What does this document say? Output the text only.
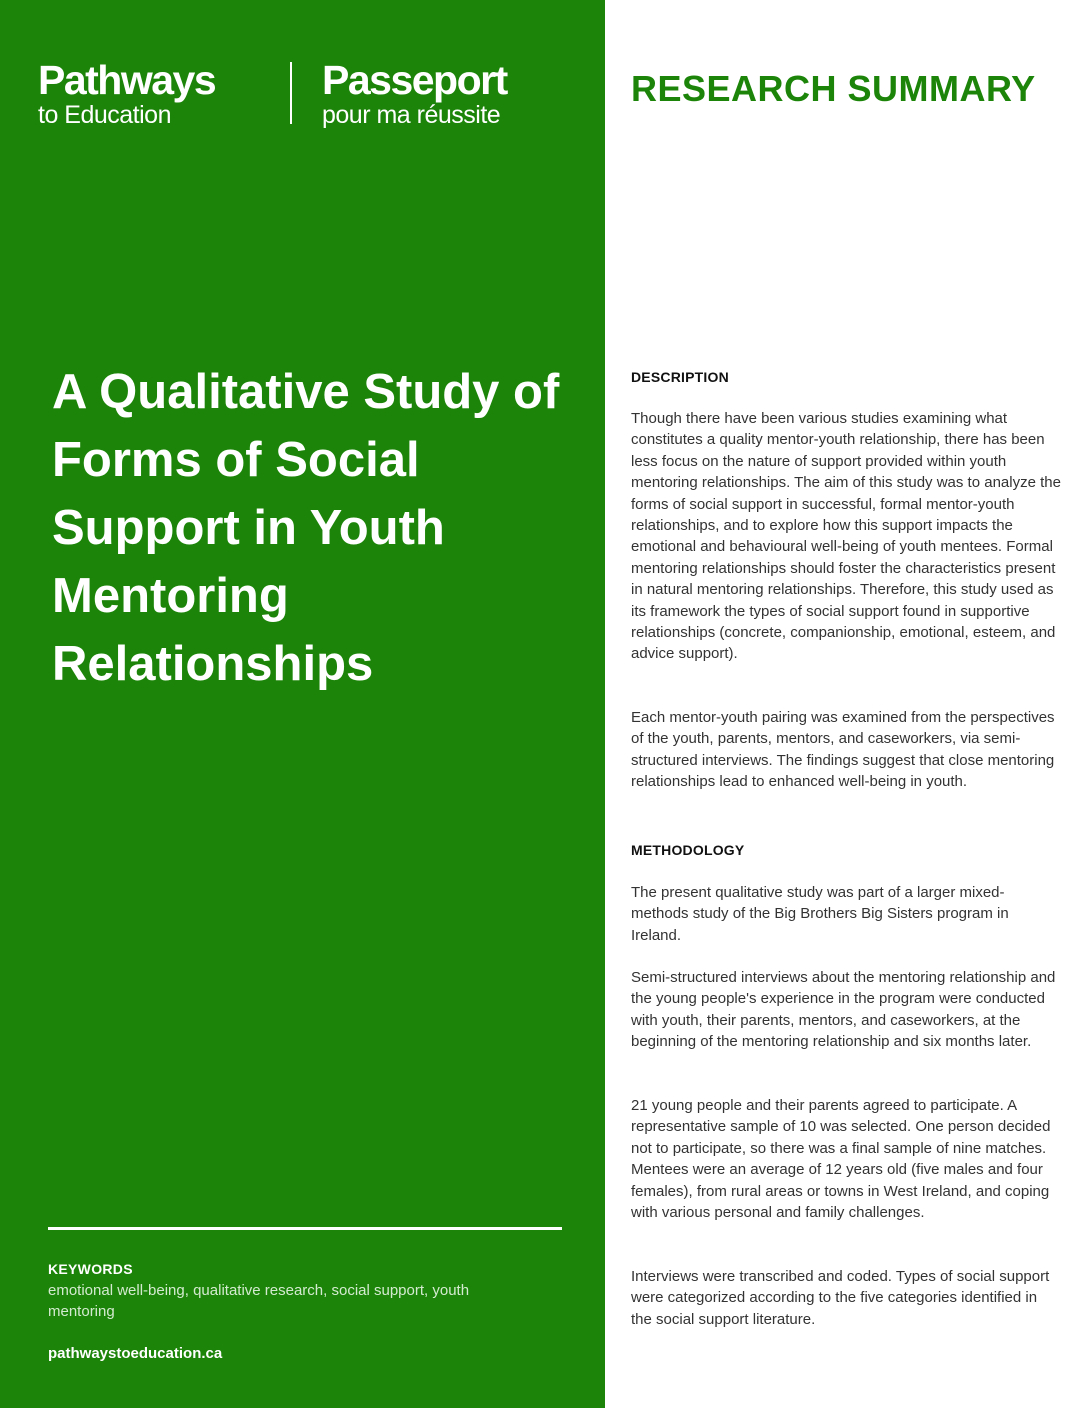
Pathways
to Education
Passeport
pour ma réussite
A Qualitative Study of Forms of Social Support in Youth Mentoring Relationships
KEYWORDS
emotional well-being, qualitative research, social support, youth mentoring
pathwaystoeducation.ca
RESEARCH SUMMARY
DESCRIPTION

Though there have been various studies examining what constitutes a quality mentor-youth relationship, there has been less focus on the nature of support provided within youth mentoring relationships. The aim of this study was to analyze the forms of social support in successful, formal mentor-youth relationships, and to explore how this support impacts the emotional and behavioural well-being of youth mentees. Formal mentoring relationships should foster the characteristics present in natural mentoring relationships. Therefore, this study used as its framework the types of social support found in supportive relationships (concrete, companionship, emotional, esteem, and advice support).

Each mentor-youth pairing was examined from the perspectives of the youth, parents, mentors, and caseworkers, via semi-structured interviews. The findings suggest that close mentoring relationships lead to enhanced well-being in youth.

METHODOLOGY

The present qualitative study was part of a larger mixed-methods study of the Big Brothers Big Sisters program in Ireland.

Semi-structured interviews about the mentoring relationship and the young people's experience in the program were conducted with youth, their parents, mentors, and caseworkers, at the beginning of the mentoring relationship and six months later.

21 young people and their parents agreed to participate. A representative sample of 10 was selected. One person decided not to participate, so there was a final sample of nine matches. Mentees were an average of 12 years old (five males and four females), from rural areas or towns in West Ireland, and coping with various personal and family challenges.

Interviews were transcribed and coded. Types of social support were categorized according to the five categories identified in the social support literature.
